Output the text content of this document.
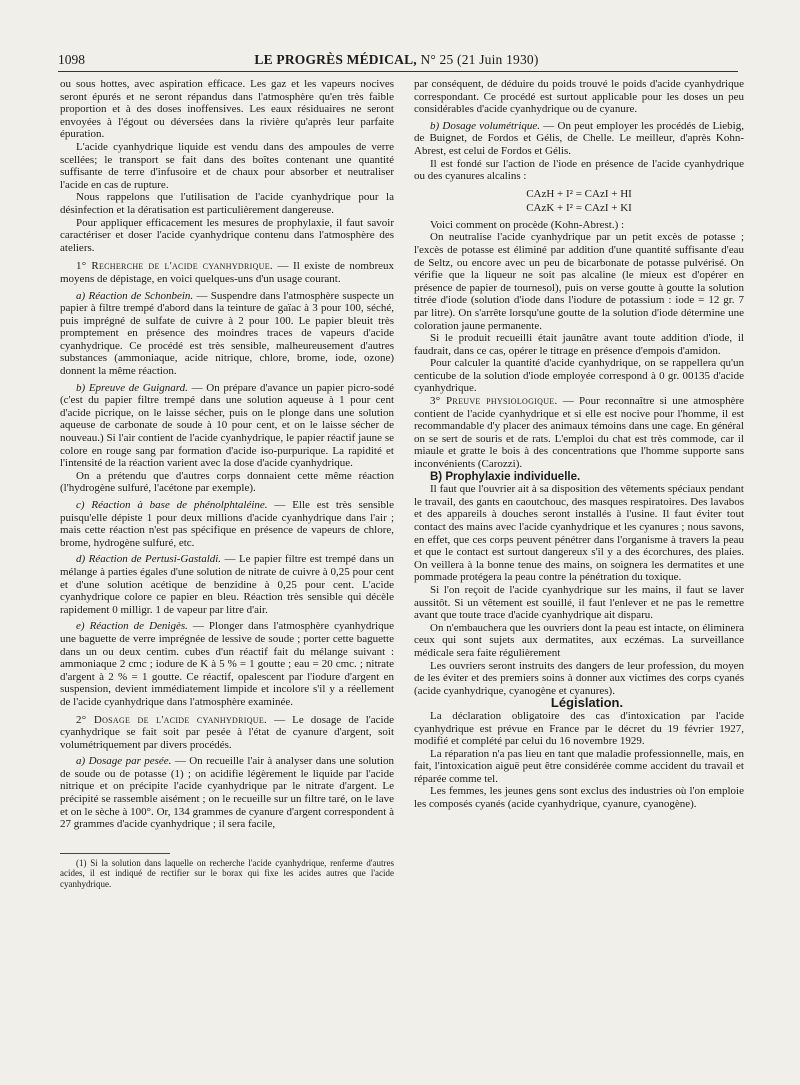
1098	LE PROGRÈS MÉDICAL, N° 25 (21 Juin 1930)

ou sous hottes, avec aspiration efficace. Les gaz et les vapeurs nocives seront épurés et ne seront répandus dans l'atmosphère qu'en très faible proportion et à des doses inoffensives. Les eaux résiduaires ne seront envoyées à l'égout ou déversées dans la rivière qu'après leur parfaite épuration.

L'acide cyanhydrique liquide est vendu dans des ampoules de verre scellées; le transport se fait dans des boîtes contenant une quantité suffisante de terre d'infusoire et de chaux pour absorber et neutraliser l'acide en cas de rupture.

Nous rappelons que l'utilisation de l'acide cyanhydrique pour la désinfection et la dératisation est particulièrement dangereuse.

Pour appliquer efficacement les mesures de prophylaxie, il faut savoir caractériser et doser l'acide cyanhydrique contenu dans l'atmosphère des ateliers.

1° Recherche de l'acide cyanhydrique. — Il existe de nombreux moyens de dépistage, en voici quelques-uns d'un usage courant.

a) Réaction de Schonbein. — Suspendre dans l'atmosphère suspecte un papier à filtre trempé d'abord dans la teinture de gaïac à 3 pour 100, séché, puis imprégné de sulfate de cuivre à 2 pour 100. Le papier bleuit très promptement en présence des moindres traces de vapeurs d'acide cyanhydrique. Ce procédé est très sensible, malheureusement d'autres substances (ammoniaque, acide nitrique, chlore, brome, iode, ozone) donnent la même réaction.

b) Epreuve de Guignard. — On prépare d'avance un papier picro-sodé (c'est du papier filtre trempé dans une solution aqueuse à 1 pour cent d'acide picrique, on le laisse sécher, puis on le plonge dans une solution aqueuse de carbonate de soude à 10 pour cent, et on le laisse sécher de nouveau.) Si l'air contient de l'acide cyanhydrique, le papier réactif jaune se colore en rouge sang par formation d'acide iso-purpurique. La rapidité et l'intensité de la réaction varient avec la dose d'acide cyanhydrique.

On a prétendu que d'autres corps donnaient cette même réaction (l'hydrogène sulfuré, l'acétone par exemple).

c) Réaction à base de phénolphtaléine. — Elle est très sensible puisqu'elle dépiste 1 pour deux millions d'acide cyanhydrique dans l'air ; mais cette réaction n'est pas spécifique en présence de vapeurs de chlore, brome, hydrogène sulfuré, etc.

d) Réaction de Pertusi-Gastaldi. — Le papier filtre est trempé dans un mélange à parties égales d'une solution de nitrate de cuivre à 0,25 pour cent et d'une solution acétique de benzidine à 0,25 pour cent. L'acide cyanhydrique colore ce papier en bleu. Réaction très sensible qui décèle rapidement 0 milligr. 1 de vapeur par litre d'air.

e) Réaction de Denigès. — Plonger dans l'atmosphère cyanhydrique une baguette de verre imprégnée de lessive de soude ; porter cette baguette dans un ou deux centim. cubes d'un réactif fait du mélange suivant : ammoniaque 2 cmc ; iodure de K à 5 % = 1 goutte ; eau = 20 cmc. ; nitrate d'argent à 2 % = 1 goutte. Ce réactif, opalescent par l'iodure d'argent en suspension, devient immédiatement limpide et incolore s'il y a réellement de l'acide cyanhydrique dans l'atmosphère examinée.

2° Dosage de l'acide cyanhydrique. — Le dosage de l'acide cyanhydrique se fait soit par pesée à l'état de cyanure d'argent, soit volumétriquement par divers procédés.

a) Dosage par pesée. — On recueille l'air à analyser dans une solution de soude ou de potasse (1) ; on acidifie légèrement le liquide par l'acide nitrique et on précipite l'acide cyanhydrique par le nitrate d'argent. Le précipité se rassemble aisément ; on le recueille sur un filtre taré, on le lave et on le sèche à 100°. Or, 134 grammes de cyanure d'argent correspondent à 27 grammes d'acide cyanhydrique ; il sera facile,

(1) Si la solution dans laquelle on recherche l'acide cyanhydrique, renferme d'autres acides, il est indiqué de rectifier sur le borax qui fixe les acides autres que l'acide cyanhydrique.

par conséquent, de déduire du poids trouvé le poids d'acide cyanhydrique correspondant. Ce procédé est surtout applicable pour les doses un peu considérables d'acide cyanhydrique ou de cyanure.

b) Dosage volumétrique. — On peut employer les procédés de Liebig, de Buignet, de Fordos et Gélis, de Chelle. Le meilleur, d'après Kohn-Abrest, est celui de Fordos et Gélis.

Il est fondé sur l'action de l'iode en présence de l'acide cyanhydrique ou des cyanures alcalins :

CAzH + I² = CAzI + HI
CAzK + I² = CAzI + KI

Voici comment on procède (Kohn-Abrest.) :

On neutralise l'acide cyanhydrique par un petit excès de potasse ; l'excès de potasse est éliminé par addition d'une quantité suffisante d'eau de Seltz, ou encore avec un peu de bicarbonate de potasse pulvérisé. On vérifie que la liqueur ne soit pas alcaline (le mieux est d'opérer en présence de papier de tournesol), puis on verse goutte à goutte la solution titrée d'iode (solution d'iode dans l'iodure de potassium : iode = 12 gr. 7 par litre). On s'arrête lorsqu'une goutte de la solution d'iode détermine une coloration jaune permanente.

Si le produit recueilli était jaunâtre avant toute addition d'iode, il faudrait, dans ce cas, opérer le titrage en présence d'empois d'amidon.

Pour calculer la quantité d'acide cyanhydrique, on se rappellera qu'un centicube de la solution d'iode employée correspond à 0 gr. 00135 d'acide cyanhydrique.

3° Preuve physiologique. — Pour reconnaître si une atmosphère contient de l'acide cyanhydrique et si elle est nocive pour l'homme, il est recommandable d'y placer des animaux témoins dans une cage. En général on se sert de souris et de rats. L'emploi du chat est très commode, car il miaule et gratte le bois à des concentrations que l'homme supporte sans inconvénients (Carozzi).

B) Prophylaxie individuelle.

Il faut que l'ouvrier ait à sa disposition des vêtements spéciaux pendant le travail, des gants en caoutchouc, des masques respiratoires. Des lavabos et des appareils à douches seront installés à l'usine. Il faut éviter tout contact des mains avec l'acide cyanhydrique et les cyanures ; nous savons, en effet, que ces corps peuvent pénétrer dans l'organisme à travers la peau et que le contact est surtout dangereux s'il y a des écorchures, des plaies. On veillera à la bonne tenue des mains, on soignera les dermatites et une pommade protégera la peau contre la pénétration du toxique.

Si l'on reçoit de l'acide cyanhydrique sur les mains, il faut se laver aussitôt. Si un vêtement est souillé, il faut l'enlever et ne pas le remettre avant que toute trace d'acide cyanhydrique ait disparu.

On n'embauchera que les ouvriers dont la peau est intacte, on éliminera ceux qui sont sujets aux dermatites, aux eczémas. La surveillance médicale sera faite régulièrement

Les ouvriers seront instruits des dangers de leur profession, du moyen de les éviter et des premiers soins à donner aux victimes des corps cyanés (acide cyanhydrique, cyanogène et cyanures).

Législation.

La déclaration obligatoire des cas d'intoxication par l'acide cyanhydrique est prévue en France par le décret du 19 février 1927, modifié et complété par celui du 16 novembre 1929.

La réparation n'a pas lieu en tant que maladie professionnelle, mais, en fait, l'intoxication aiguë peut être considérée comme accident du travail et réparée comme tel.

Les femmes, les jeunes gens sont exclus des industries où l'on emploie les composés cyanés (acide cyanhydrique, cyanure, cyanogène).
